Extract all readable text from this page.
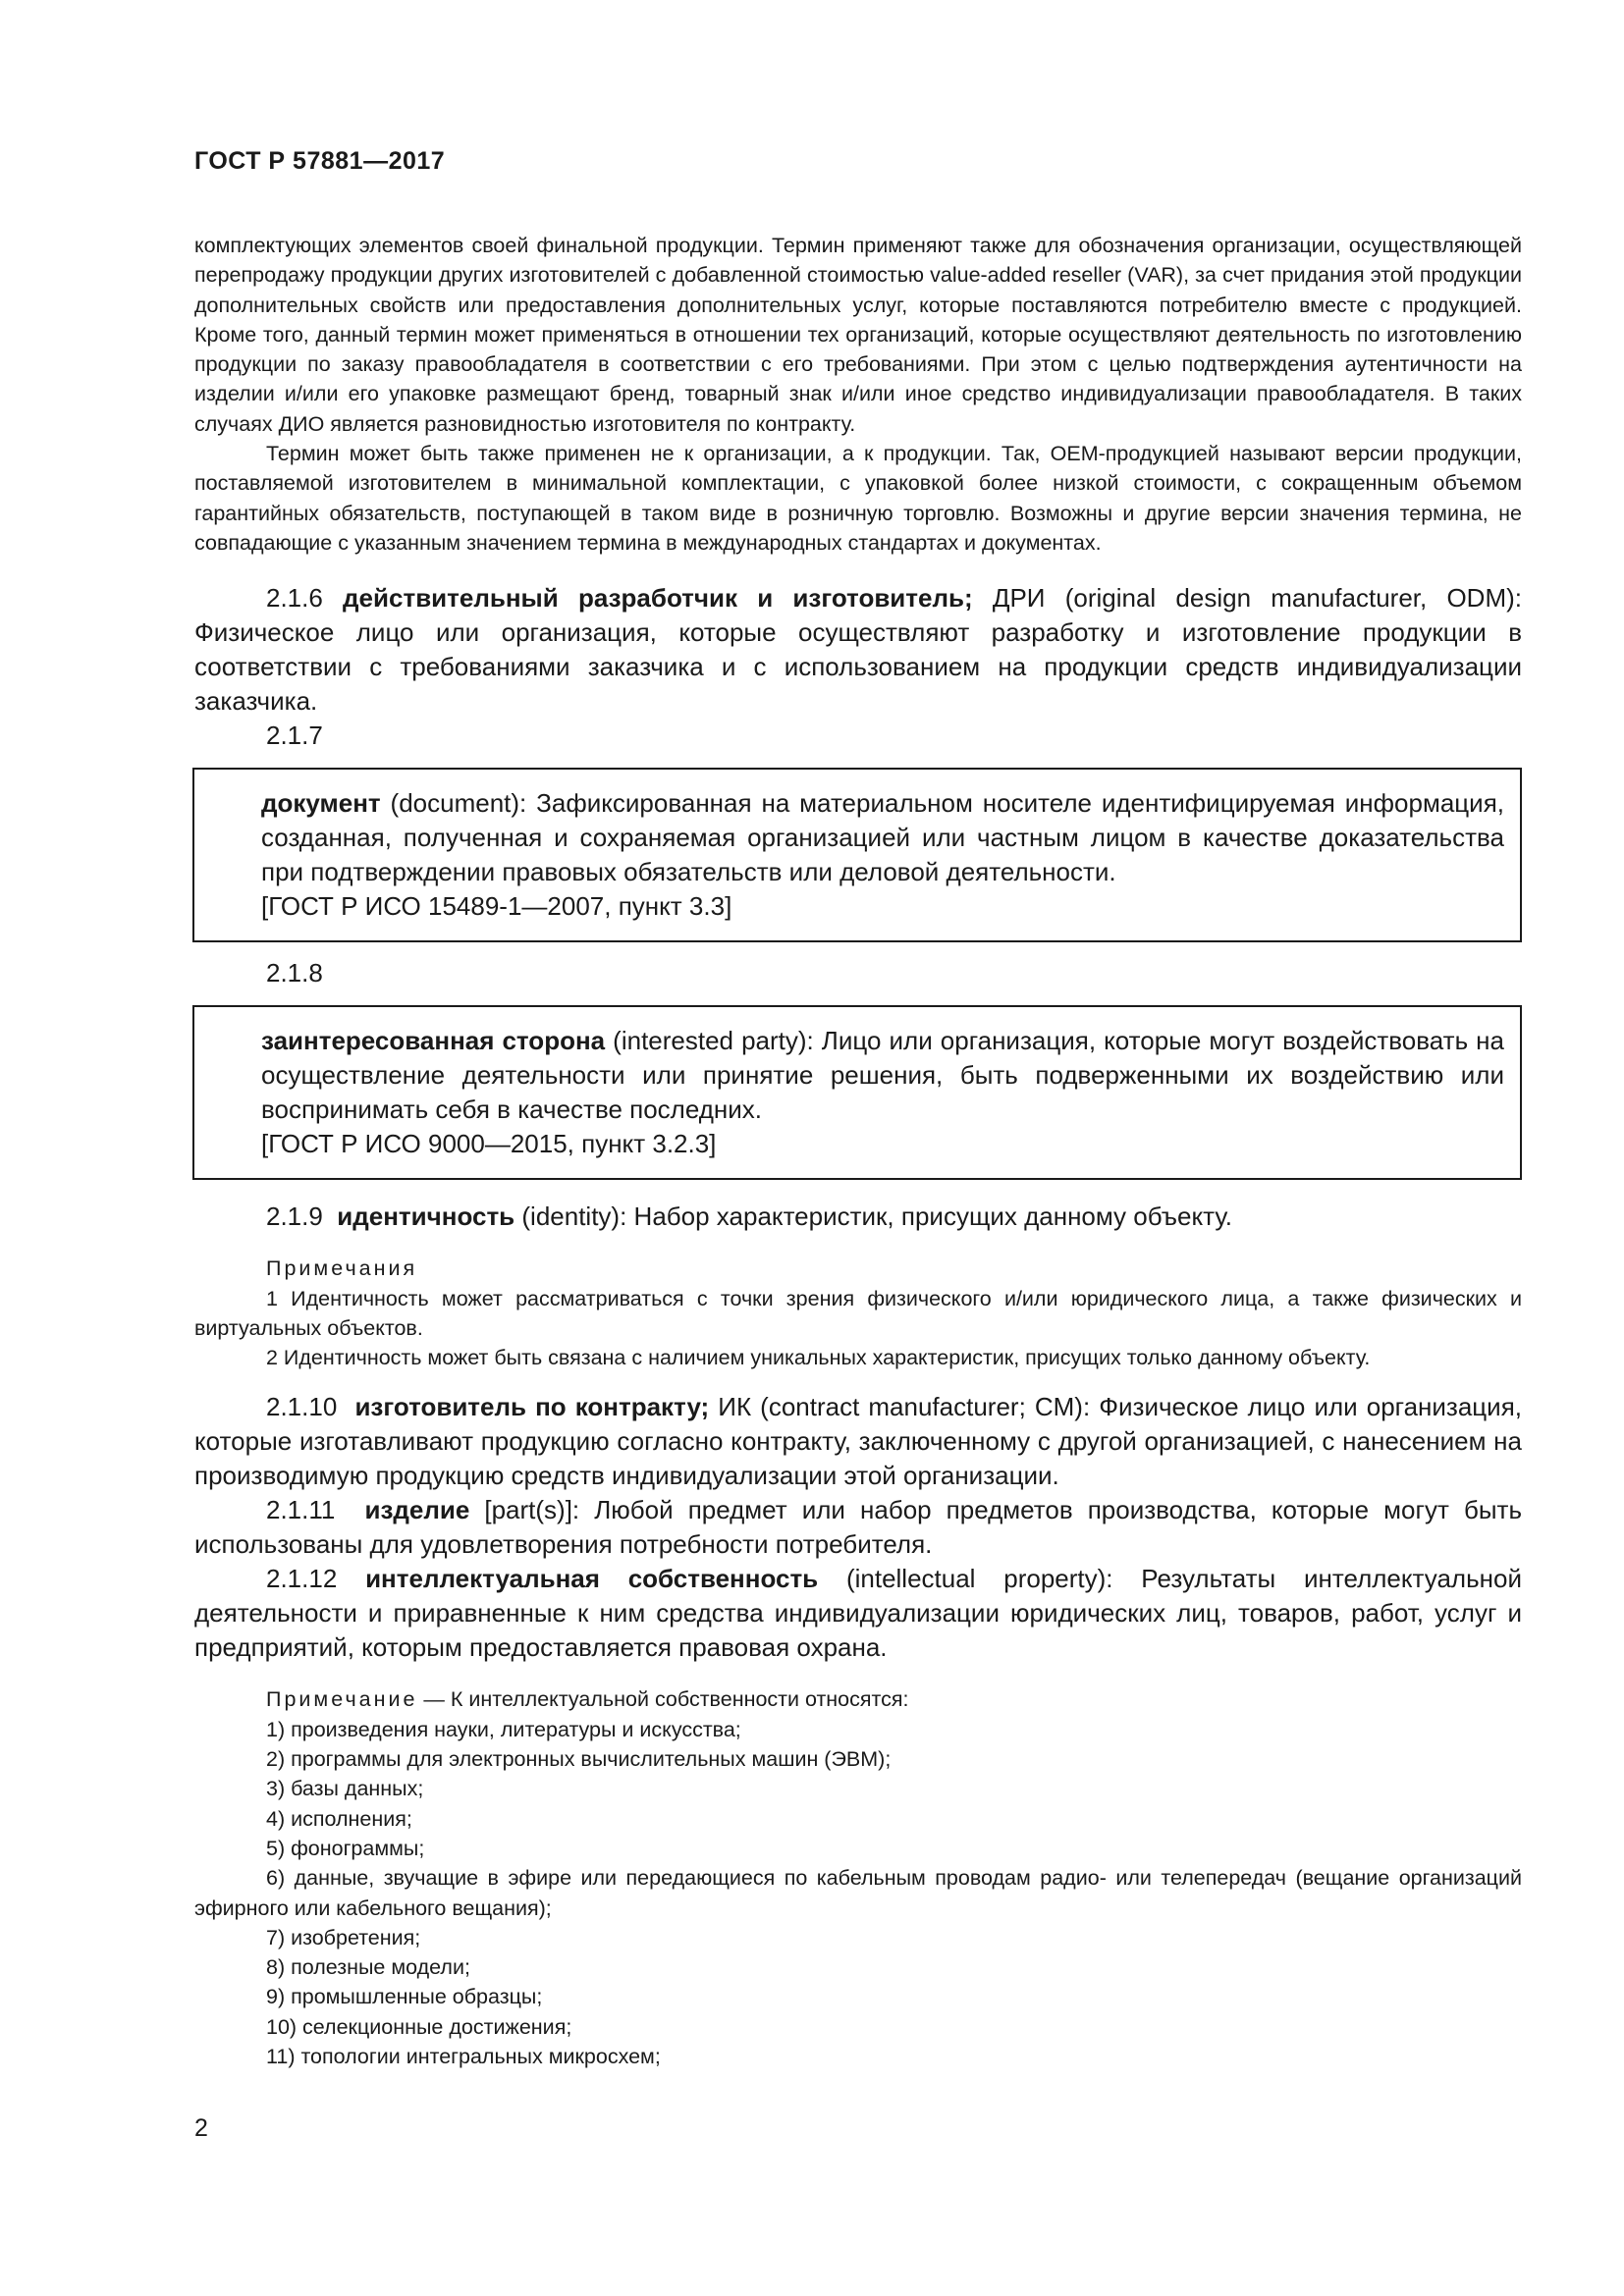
ГОСТ Р 57881—2017

комплектующих элементов своей финальной продукции. Термин применяют также для обозначения организации, осуществляющей перепродажу продукции других изготовителей с добавленной стоимостью value-added reseller (VAR), за счет придания этой продукции дополнительных свойств или предоставления дополнительных услуг, которые поставляются потребителю вместе с продукцией. Кроме того, данный термин может применяться в отношении тех организаций, которые осуществляют деятельность по изготовлению продукции по заказу правообладателя в соответствии с его требованиями. При этом с целью подтверждения аутентичности на изделии и/или его упаковке размещают бренд, товарный знак и/или иное средство индивидуализации правообладателя. В таких случаях ДИО является разновидностью изготовителя по контракту.

Термин может быть также применен не к организации, а к продукции. Так, OEM-продукцией называют версии продукции, поставляемой изготовителем в минимальной комплектации, с упаковкой более низкой стоимости, с сокращенным объемом гарантийных обязательств, поступающей в таком виде в розничную торговлю. Возможны и другие версии значения термина, не совпадающие с указанным значением термина в международных стандартах и документах.

2.1.6 действительный разработчик и изготовитель; ДРИ (original design manufacturer, ODM): Физическое лицо или организация, которые осуществляют разработку и изготовление продукции в соответствии с требованиями заказчика и с использованием на продукции средств индивидуализации заказчика.

2.1.7

документ (document): Зафиксированная на материальном носителе идентифицируемая информация, созданная, полученная и сохраняемая организацией или частным лицом в качестве доказательства при подтверждении правовых обязательств или деловой деятельности.

[ГОСТ Р ИСО 15489-1—2007, пункт 3.3]

2.1.8

заинтересованная сторона (interested party): Лицо или организация, которые могут воздействовать на осуществление деятельности или принятие решения, быть подверженными их воздействию или воспринимать себя в качестве последних.

[ГОСТ Р ИСО 9000—2015, пункт 3.2.3]

2.1.9 идентичность (identity): Набор характеристик, присущих данному объекту.

Примечания

1 Идентичность может рассматриваться с точки зрения физического и/или юридического лица, а также физических и виртуальных объектов.

2 Идентичность может быть связана с наличием уникальных характеристик, присущих только данному объекту.

2.1.10 изготовитель по контракту; ИК (contract manufacturer; CM): Физическое лицо или организация, которые изготавливают продукцию согласно контракту, заключенному с другой организацией, с нанесением на производимую продукцию средств индивидуализации этой организации.

2.1.11 изделие [part(s)]: Любой предмет или набор предметов производства, которые могут быть использованы для удовлетворения потребности потребителя.

2.1.12 интеллектуальная собственность (intellectual property): Результаты интеллектуальной деятельности и приравненные к ним средства индивидуализации юридических лиц, товаров, работ, услуг и предприятий, которым предоставляется правовая охрана.

Примечание — К интеллектуальной собственности относятся:

1) произведения науки, литературы и искусства;

2) программы для электронных вычислительных машин (ЭВМ);

3) базы данных;

4) исполнения;

5) фонограммы;

6) данные, звучащие в эфире или передающиеся по кабельным проводам радио- или телепередач (вещание организаций эфирного или кабельного вещания);

7) изобретения;

8) полезные модели;

9) промышленные образцы;

10) селекционные достижения;

11) топологии интегральных микросхем;

2
